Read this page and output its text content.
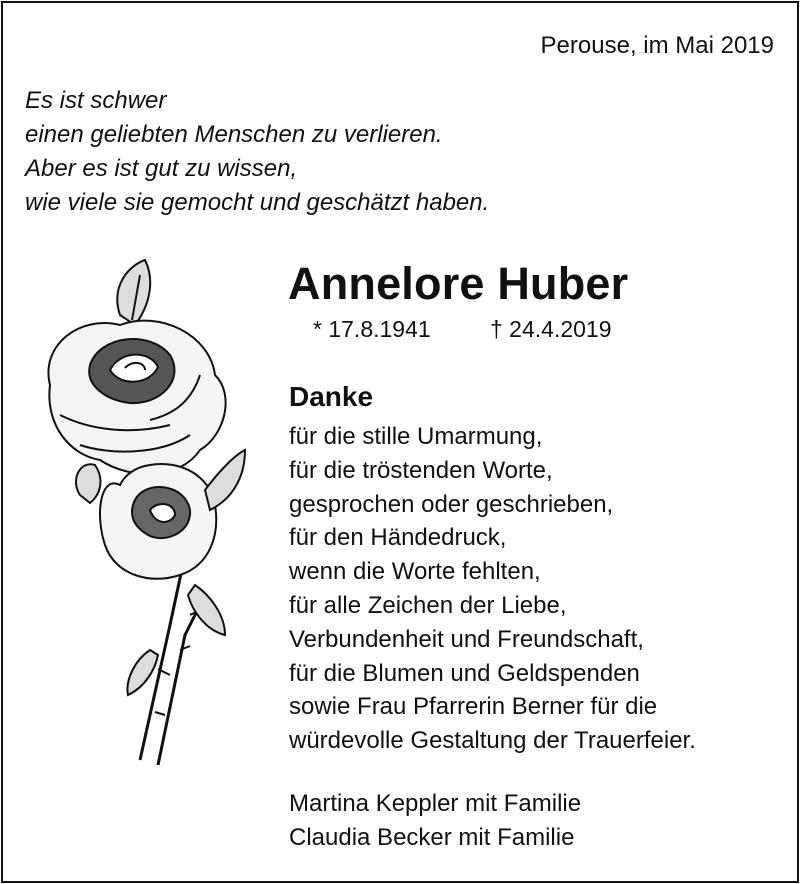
Perouse, im Mai 2019
Es ist schwer
einen geliebten Menschen zu verlieren.
Aber es ist gut zu wissen,
wie viele sie gemocht und geschätzt haben.
Annelore Huber
* 17.8.1941	† 24.4.2019
Danke
für die stille Umarmung,
für die tröstenden Worte,
gesprochen oder geschrieben,
für den Händedruck,
wenn die Worte fehlten,
für alle Zeichen der Liebe,
Verbundenheit und Freundschaft,
für die Blumen und Geldspenden
sowie Frau Pfarrerin Berner für die
würdevolle Gestaltung der Trauerfeier.
Martina Keppler mit Familie
Claudia Becker mit Familie
